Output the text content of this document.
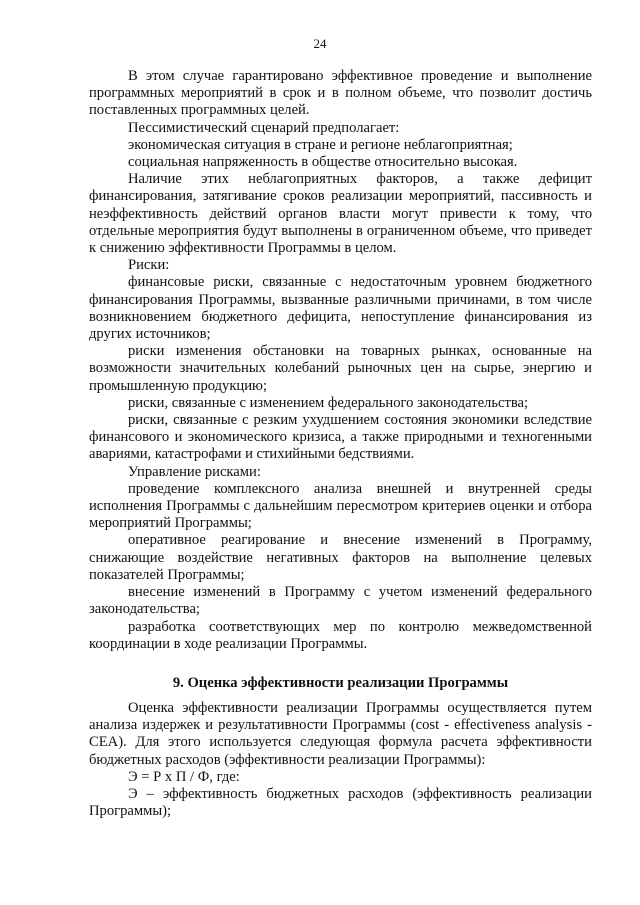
24

В этом случае гарантировано эффективное проведение и выполнение программных мероприятий в срок и в полном объеме, что позволит достичь поставленных программных целей.

Пессимистический сценарий предполагает:

экономическая ситуация в стране и регионе неблагоприятная;

социальная напряженность в обществе относительно высокая.

Наличие этих неблагоприятных факторов, а также дефицит финансирования, затягивание сроков реализации мероприятий, пассивность и неэффективность действий органов власти могут привести к тому, что отдельные мероприятия будут выполнены в ограниченном объеме, что приведет к снижению эффективности Программы в целом.

Риски:

финансовые риски, связанные с недостаточным уровнем бюджетного финансирования Программы, вызванные различными причинами, в том числе возникновением бюджетного дефицита, непоступление финансирования из других источников;

риски изменения обстановки на товарных рынках, основанные на возможности значительных колебаний рыночных цен на сырье, энергию и промышленную продукцию;

риски, связанные с изменением федерального законодательства;

риски, связанные с резким ухудшением состояния экономики вследствие финансового и экономического кризиса, а также природными и техногенными авариями, катастрофами и стихийными бедствиями.

Управление рисками:

проведение комплексного анализа внешней и внутренней среды исполнения Программы с дальнейшим пересмотром критериев оценки и отбора мероприятий Программы;

оперативное реагирование и внесение изменений в Программу, снижающие воздействие негативных факторов на выполнение целевых показателей Программы;

внесение изменений в Программу с учетом изменений федерального законодательства;

разработка соответствующих мер по контролю межведомственной координации в ходе реализации Программы.

9. Оценка эффективности реализации Программы

Оценка эффективности реализации Программы осуществляется путем анализа издержек и результативности Программы (cost - effectiveness analysis - CEA). Для этого используется следующая формула расчета эффективности бюджетных расходов (эффективности реализации Программы):

Э = Р х П / Ф, где:

Э – эффективность бюджетных расходов (эффективность реализации Программы);
